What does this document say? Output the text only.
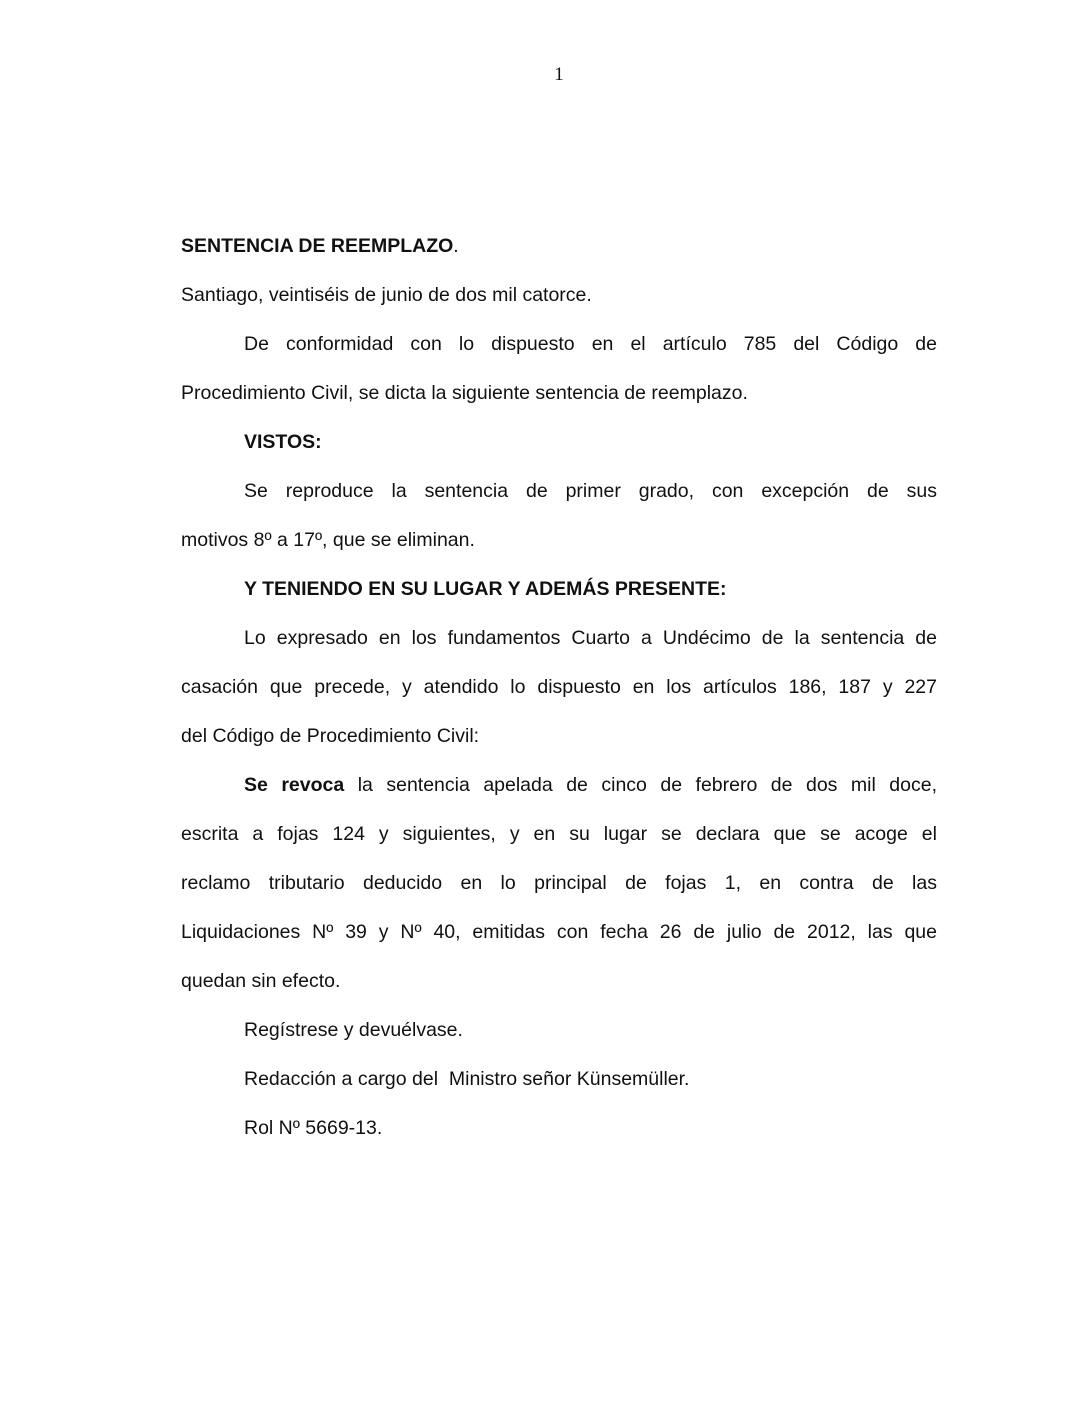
1
SENTENCIA DE REEMPLAZO.
Santiago, veintiséis de junio de dos mil catorce.
De conformidad con lo dispuesto en el artículo 785 del Código de
Procedimiento Civil, se dicta la siguiente sentencia de reemplazo.
VISTOS:
Se reproduce la sentencia de primer grado, con excepción de sus
motivos 8º a 17º, que se eliminan.
Y TENIENDO EN SU LUGAR Y ADEMÁS PRESENTE:
Lo expresado en los fundamentos Cuarto a Undécimo de la sentencia de
casación que precede, y atendido lo dispuesto en los artículos 186, 187 y 227
del Código de Procedimiento Civil:
Se revoca la sentencia apelada de cinco de febrero de dos mil doce,
escrita a fojas 124 y siguientes, y en su lugar se declara que se acoge el
reclamo tributario deducido en lo principal de fojas 1, en contra de las
Liquidaciones Nº 39 y Nº 40, emitidas con fecha 26 de julio de 2012, las que
quedan sin efecto.
Regístrese y devuélvase.
Redacción a cargo del  Ministro señor Künsemüller.
Rol Nº 5669-13.
